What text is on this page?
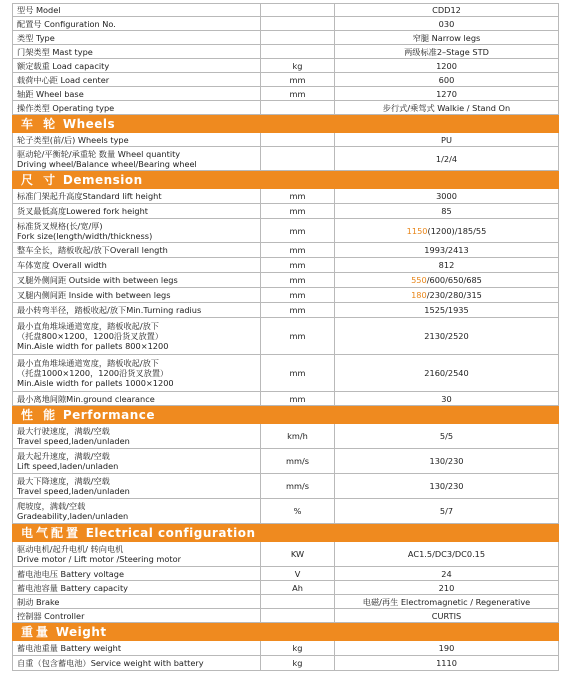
型号 Model		CDD12
配置号 Configuration No.		030
类型 Type		窄腿 Narrow legs
门架类型 Mast type		两级标准2–Stage STD
额定载重 Load capacity	kg	1200
载荷中心距 Load center	mm	600
轴距 Wheel base	mm	1270
操作类型 Operating type		步行式/乘驾式 Walkie / Stand On
车 轮 Wheels		
轮子类型(前/后) Wheels type		PU
驱动轮/平衡轮/承重轮 数量 Wheel quantity
Driving wheel/Balance wheel/Bearing wheel		1/2/4
尺 寸 Demension		
标准门架起升高度Standard lift height	mm	3000
货叉最低高度Lowered fork height	mm	85
标准货叉规格(长/宽/厚)
Fork size(length/width/thickness)	mm	1150(1200)/185/55
整车全长，踏板收起/放下Overall length	mm	1993/2413
车体宽度 Overall width	mm	812
叉腿外侧间距 Outside with between legs	mm	550/600/650/685
叉腿内侧间距 Inside with between legs	mm	180/230/280/315
最小转弯半径，踏板收起/放下Min.Turning radius	mm	1525/1935
最小直角堆垛通道宽度，踏板收起/放下
（托盘800×1200，1200沿货叉放置）
Min.Aisle width for pallets 800×1200	mm	2130/2520
最小直角堆垛通道宽度，踏板收起/放下
（托盘1000×1200，1200沿货叉放置）
Min.Aisle width for pallets 1000×1200	mm	2160/2540
最小离地间隙Min.ground clearance	mm	30
性 能 Performance		
最大行驶速度，满载/空载
Travel speed,laden/unladen	km/h	5/5
最大起升速度，满载/空载
Lift speed,laden/unladen	mm/s	130/230
最大下降速度，满载/空载
Travel speed,laden/unladen	mm/s	130/230
爬坡度，满载/空载
Gradeability,laden/unladen	%	5/7
电气配置 Electrical configuration		
驱动电机/起升电机/ 转向电机
Drive motor / Lift motor /Steering motor	KW	AC1.5/DC3/DC0.15
蓄电池电压 Battery voltage	V	24
蓄电池容量 Battery capacity	Ah	210
制动 Brake		电磁/再生 Electromagnetic / Regenerative
控制器 Controller		CURTIS
重量 Weight		
蓄电池重量 Battery weight	kg	190
自重（包含蓄电池）Service weight with battery	kg	1110
